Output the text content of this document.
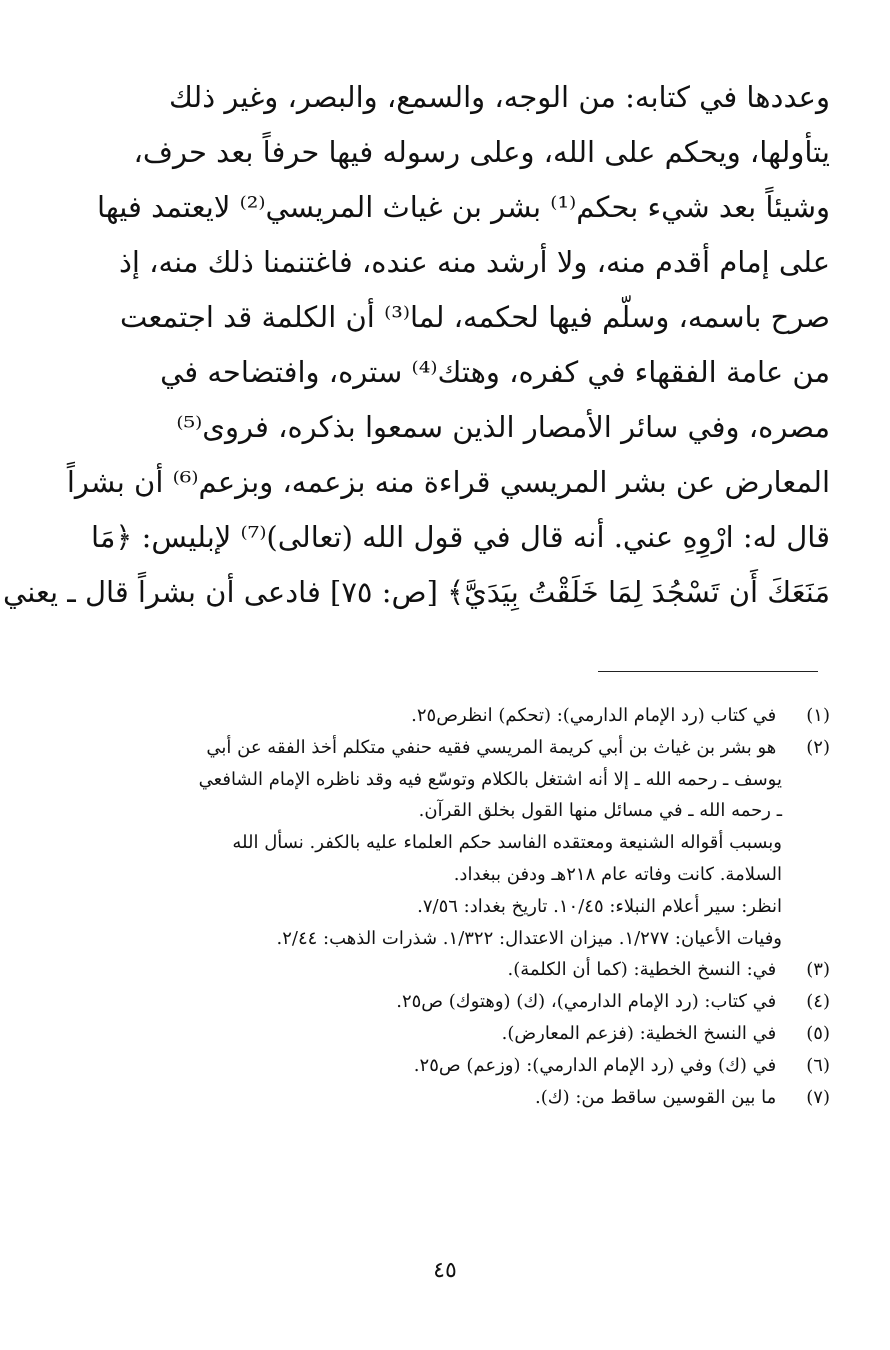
وعددها في كتابه: من الوجه، والسمع، والبصر، وغير ذلك
يتأولها، ويحكم على الله، وعلى رسوله فيها حرفاً بعد حرف،
وشيئاً بعد شيء بحكم⁽¹⁾ بشر بن غياث المريسي⁽²⁾ لايعتمد فيها
على إمام أقدم منه، ولا أرشد منه عنده، فاغتنمنا ذلك منه، إذ
صرح باسمه، وسلّم فيها لحكمه، لما⁽³⁾ أن الكلمة قد اجتمعت
من عامة الفقهاء في كفره، وهتك⁽⁴⁾ ستره، وافتضاحه في
مصره، وفي سائر الأمصار الذين سمعوا بذكره، فروى⁽⁵⁾
المعارض عن بشر المريسي قراءة منه بزعمه، وبزعم⁽⁶⁾ أن بشراً
قال له: ارْوِهِ عني. أنه قال في قول الله (تعالى)⁽⁷⁾ لإبليس: ﴿مَا
مَنَعَكَ أَن تَسْجُدَ لِمَا خَلَقْتُ بِيَدَيَّ﴾ [ص: ٧٥] فادعى أن بشراً قال ـ يعني
(١) في كتاب (رد الإمام الدارمي): (تحكم) انظرص٢٥.
(٢) هو بشر بن غياث بن أبي كريمة المريسي فقيه حنفي متكلم أخذ الفقه عن أبي
يوسف ـ رحمه الله ـ إلا أنه اشتغل بالكلام وتوسّع فيه وقد ناظره الإمام الشافعي
ـ رحمه الله ـ في مسائل منها القول بخلق القرآن.
وبسبب أقواله الشنيعة ومعتقده الفاسد حكم العلماء عليه بالكفر. نسأل الله
السلامة. كانت وفاته عام ٢١٨هـ ودفن ببغداد.
انظر: سير أعلام النبلاء: ١٠/٤٥. تاريخ بغداد: ٧/٥٦.
وفيات الأعيان: ١/٢٧٧. ميزان الاعتدال: ١/٣٢٢. شذرات الذهب: ٢/٤٤.
(٣) في: النسخ الخطية: (كما أن الكلمة).
(٤) في كتاب: (رد الإمام الدارمي)، (ك) (وهتوك) ص٢٥.
(٥) في النسخ الخطية: (فزعم المعارض).
(٦) في (ك) وفي (رد الإمام الدارمي): (وزعم) ص٢٥.
(٧) ما بين القوسين ساقط من: (ك).
٤٥
